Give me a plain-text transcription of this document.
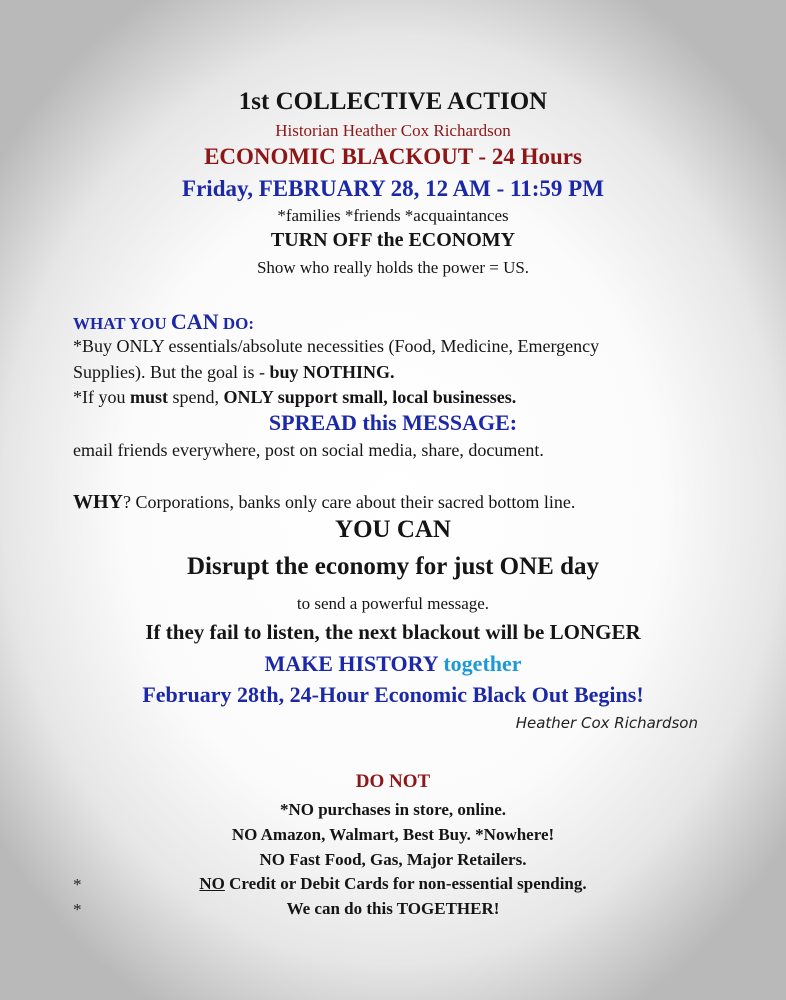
1st COLLECTIVE ACTION
Historian Heather Cox Richardson
ECONOMIC BLACKOUT - 24 Hours
Friday, FEBRUARY 28, 12 AM - 11:59 PM
*families *friends *acquaintances
TURN OFF the ECONOMY
Show who really holds the power = US.
WHAT YOU CAN DO:
*Buy ONLY essentials/absolute necessities (Food, Medicine, Emergency
Supplies). But the goal is - buy NOTHING.
*If you must spend, ONLY support small, local businesses.
SPREAD this MESSAGE:
email friends everywhere, post on social media, share, document.
WHY? Corporations, banks only care about their sacred bottom line.
YOU CAN
Disrupt the economy for just ONE day
to send a powerful message.
If they fail to listen, the next blackout will be LONGER
MAKE HISTORY together
February 28th, 24-Hour Economic Black Out Begins!
Heather Cox Richardson
DO NOT
*NO purchases in store, online.
NO Amazon, Walmart, Best Buy. *Nowhere!
NO Fast Food, Gas, Major Retailers.
*	NO Credit or Debit Cards for non-essential spending.
*	We can do this TOGETHER!
